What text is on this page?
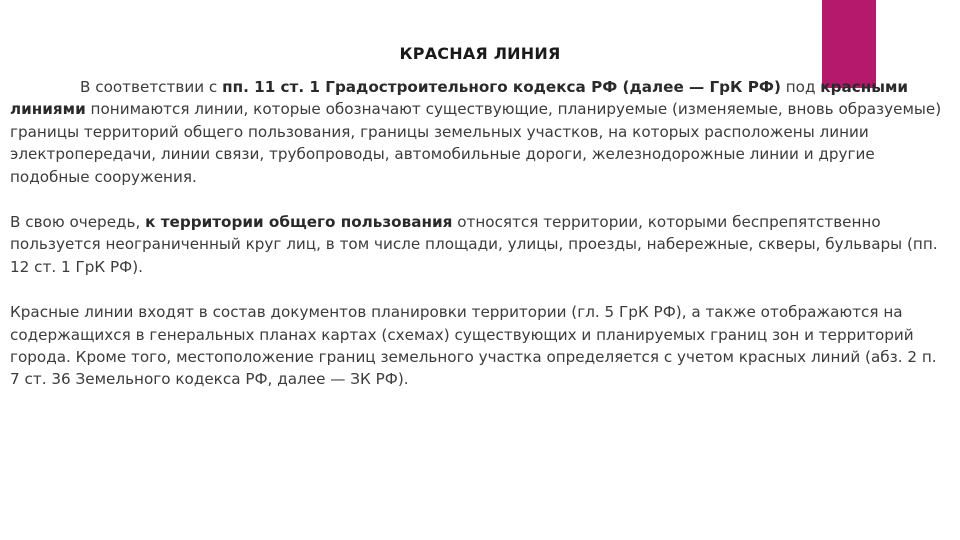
КРАСНАЯ ЛИНИЯ

В соответствии с пп. 11 ст. 1 Градостроительного кодекса РФ (далее — ГрК РФ) под красными линиями понимаются линии, которые обозначают существующие, планируемые (изменяемые, вновь образуемые) границы территорий общего пользования, границы земельных участков, на которых расположены линии электропередачи, линии связи, трубопроводы, автомобильные дороги, железнодорожные линии и другие подобные сооружения.

В свою очередь, к территории общего пользования относятся территории, которыми беспрепятственно пользуется неограниченный круг лиц, в том числе площади, улицы, проезды, набережные, скверы, бульвары (пп. 12 ст. 1 ГрК РФ).

Красные линии входят в состав документов планировки территории (гл. 5 ГрК РФ), а также отображаются на содержащихся в генеральных планах картах (схемах) существующих и планируемых границ зон и территорий города. Кроме того, местоположение границ земельного участка определяется с учетом красных линий (абз. 2 п. 7 ст. 36 Земельного кодекса РФ, далее — ЗК РФ).
